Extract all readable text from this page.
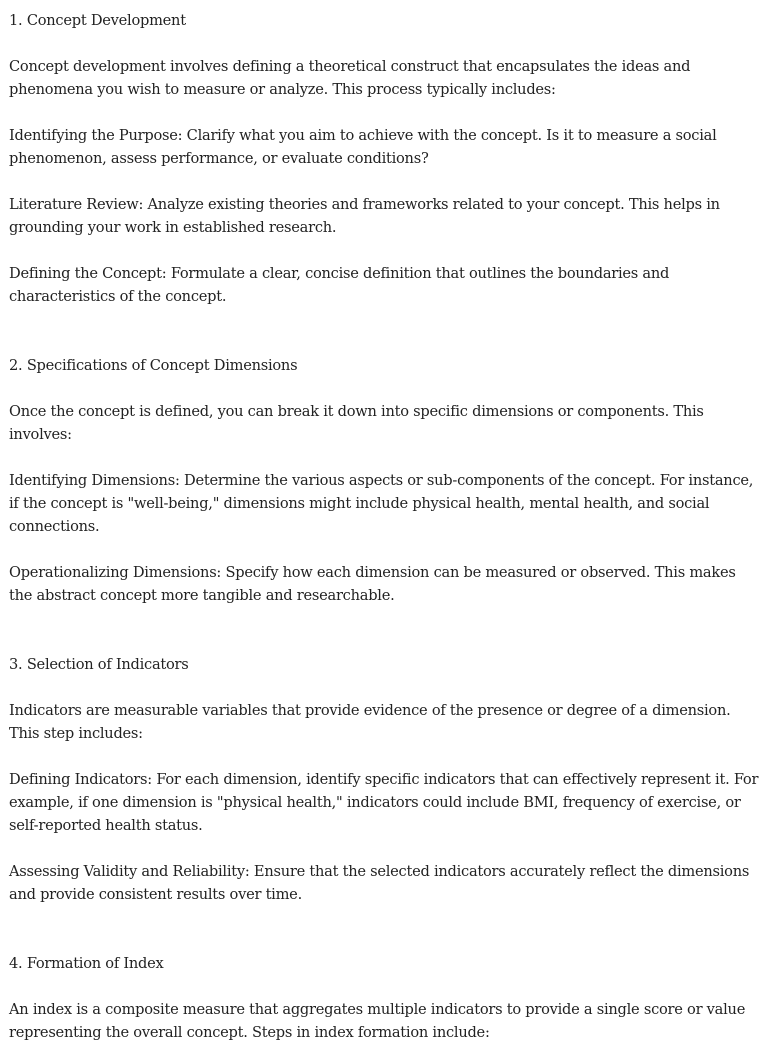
1. Concept Development

Concept development involves defining a theoretical construct that encapsulates the ideas and phenomena you wish to measure or analyze. This process typically includes:

Identifying the Purpose: Clarify what you aim to achieve with the concept. Is it to measure a social phenomenon, assess performance, or evaluate conditions?

Literature Review: Analyze existing theories and frameworks related to your concept. This helps in grounding your work in established research.

Defining the Concept: Formulate a clear, concise definition that outlines the boundaries and characteristics of the concept.

2. Specifications of Concept Dimensions

Once the concept is defined, you can break it down into specific dimensions or components. This involves:

Identifying Dimensions: Determine the various aspects or sub-components of the concept. For instance, if the concept is "well-being," dimensions might include physical health, mental health, and social connections.

Operationalizing Dimensions: Specify how each dimension can be measured or observed. This makes the abstract concept more tangible and researchable.

3. Selection of Indicators

Indicators are measurable variables that provide evidence of the presence or degree of a dimension. This step includes:

Defining Indicators: For each dimension, identify specific indicators that can effectively represent it. For example, if one dimension is "physical health," indicators could include BMI, frequency of exercise, or self-reported health status.

Assessing Validity and Reliability: Ensure that the selected indicators accurately reflect the dimensions and provide consistent results over time.

4. Formation of Index

An index is a composite measure that aggregates multiple indicators to provide a single score or value representing the overall concept. Steps in index formation include:
